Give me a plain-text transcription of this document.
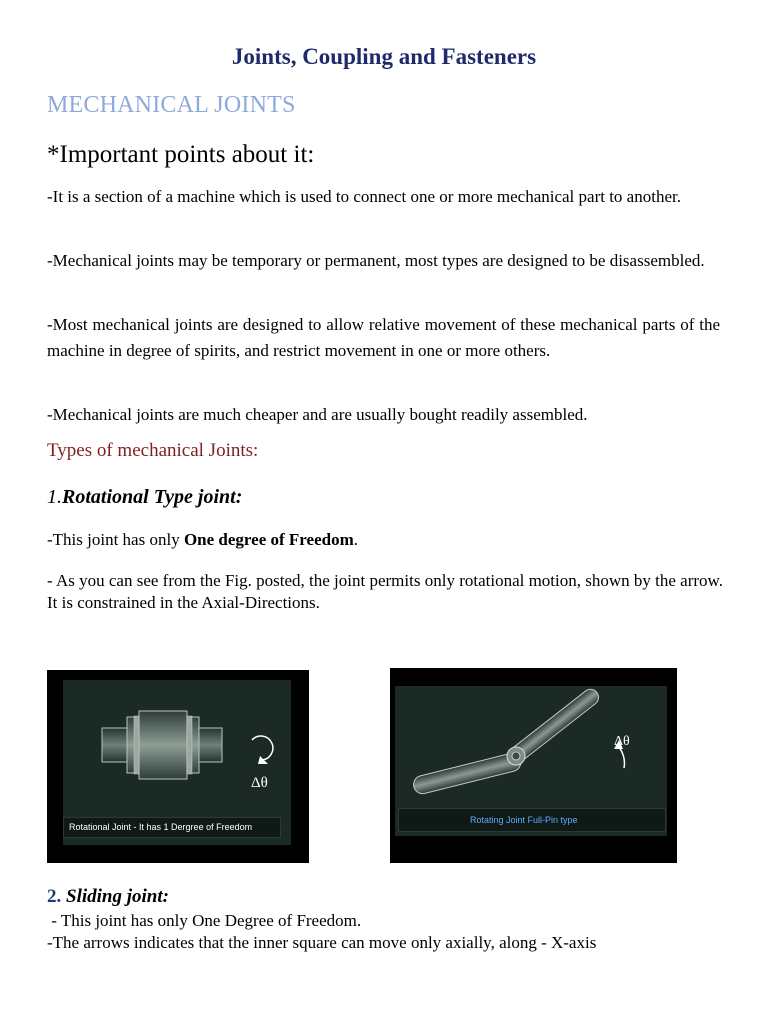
Joints, Coupling and Fasteners
MECHANICAL JOINTS
*Important points about it:
-It is a section of a machine which is used to connect one or more mechanical part to another.
-Mechanical joints may be temporary or permanent, most types are designed to be disassembled.
-Most mechanical joints are designed to allow relative movement of these mechanical parts of the machine in degree of spirits, and restrict movement in one or more others.
-Mechanical joints are much cheaper and are usually bought readily assembled.
Types of mechanical Joints:
1.Rotational Type joint:
-This joint has only One degree of Freedom.
- As you can see from the Fig. posted, the joint permits only rotational motion, shown by the arrow. It is constrained in the Axial-Directions.
Δθ
Rotational Joint - It has 1 Dergree of Freedom
Δθ
Rotating Joint Full-Pin type
2. Sliding joint:
- This joint has only One Degree of Freedom.
-The arrows indicates that the inner square can move only axially, along - X-axis
